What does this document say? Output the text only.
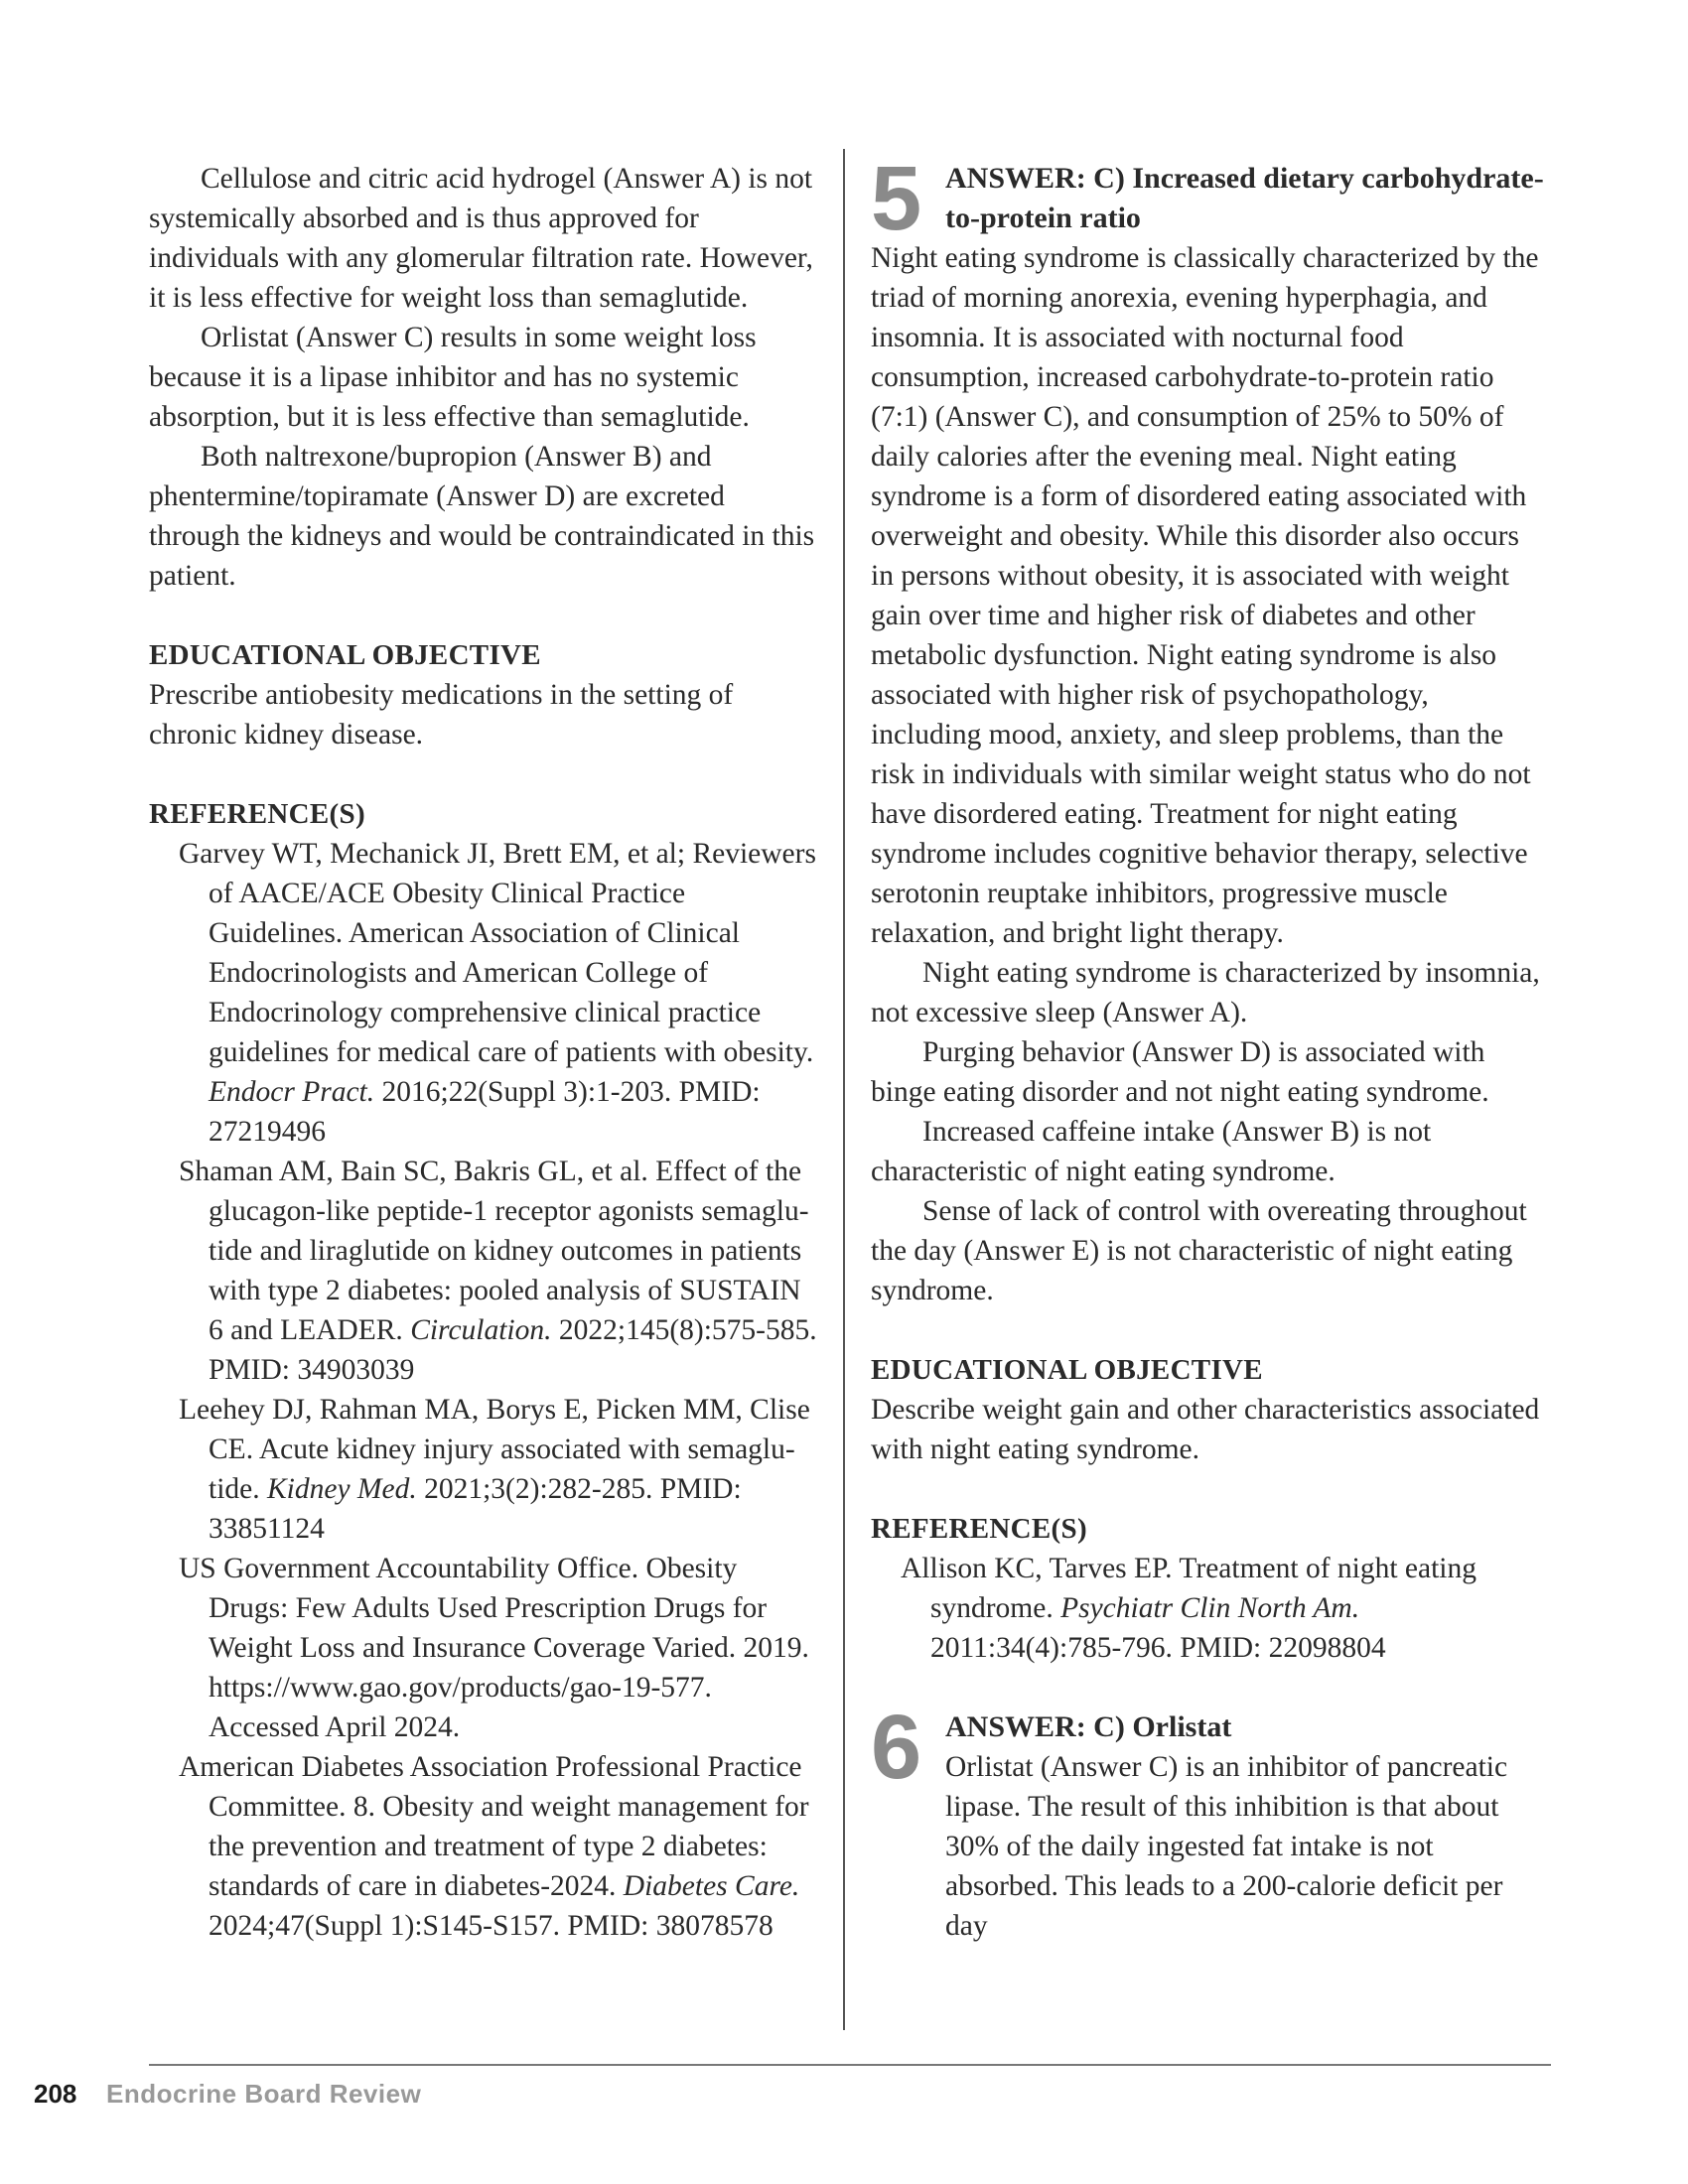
Cellulose and citric acid hydrogel (Answer A) is not systemically absorbed and is thus approved for individuals with any glomerular filtration rate. However, it is less effective for weight loss than semaglutide.

Orlistat (Answer C) results in some weight loss because it is a lipase inhibitor and has no systemic absorption, but it is less effective than semaglutide.

Both naltrexone/bupropion (Answer B) and phentermine/topiramate (Answer D) are excreted through the kidneys and would be contraindicated in this patient.

EDUCATIONAL OBJECTIVE

Prescribe antiobesity medications in the setting of chronic kidney disease.

REFERENCE(S)

Garvey WT, Mechanick JI, Brett EM, et al; Reviewers of AACE/ACE Obesity Clinical Practice Guidelines. American Association of Clinical Endocrinologists and American College of Endocrinology comprehensive clinical practice guidelines for medical care of patients with obesity. Endocr Pract. 2016;22(Suppl 3):1-203. PMID: 27219496

Shaman AM, Bain SC, Bakris GL, et al. Effect of the glucagon-like peptide-1 receptor agonists semaglutide and liraglutide on kidney outcomes in patients with type 2 diabetes: pooled analysis of SUSTAIN 6 and LEADER. Circulation. 2022;145(8):575-585. PMID: 34903039

Leehey DJ, Rahman MA, Borys E, Picken MM, Clise CE. Acute kidney injury associated with semaglutide. Kidney Med. 2021;3(2):282-285. PMID: 33851124

US Government Accountability Office. Obesity Drugs: Few Adults Used Prescription Drugs for Weight Loss and Insurance Coverage Varied. 2019. https://www.gao.gov/products/gao-19-577. Accessed April 2024.

American Diabetes Association Professional Practice Committee. 8. Obesity and weight management for the prevention and treatment of type 2 diabetes: standards of care in diabetes-2024. Diabetes Care. 2024;47(Suppl 1):S145-S157. PMID: 38078578

5 ANSWER: C) Increased dietary carbohydrate-to-protein ratio

Night eating syndrome is classically characterized by the triad of morning anorexia, evening hyperphagia, and insomnia. It is associated with nocturnal food consumption, increased carbohydrate-to-protein ratio (7:1) (Answer C), and consumption of 25% to 50% of daily calories after the evening meal. Night eating syndrome is a form of disordered eating associated with overweight and obesity. While this disorder also occurs in persons without obesity, it is associated with weight gain over time and higher risk of diabetes and other metabolic dysfunction. Night eating syndrome is also associated with higher risk of psychopathology, including mood, anxiety, and sleep problems, than the risk in individuals with similar weight status who do not have disordered eating. Treatment for night eating syndrome includes cognitive behavior therapy, selective serotonin reuptake inhibitors, progressive muscle relaxation, and bright light therapy.

Night eating syndrome is characterized by insomnia, not excessive sleep (Answer A).

Purging behavior (Answer D) is associated with binge eating disorder and not night eating syndrome.

Increased caffeine intake (Answer B) is not characteristic of night eating syndrome.

Sense of lack of control with overeating throughout the day (Answer E) is not characteristic of night eating syndrome.

EDUCATIONAL OBJECTIVE

Describe weight gain and other characteristics associated with night eating syndrome.

REFERENCE(S)

Allison KC, Tarves EP. Treatment of night eating syndrome. Psychiatr Clin North Am. 2011:34(4):785-796. PMID: 22098804

6 ANSWER: C) Orlistat

Orlistat (Answer C) is an inhibitor of pancreatic lipase. The result of this inhibition is that about 30% of the daily ingested fat intake is not absorbed. This leads to a 200-calorie deficit per day

208 Endocrine Board Review
